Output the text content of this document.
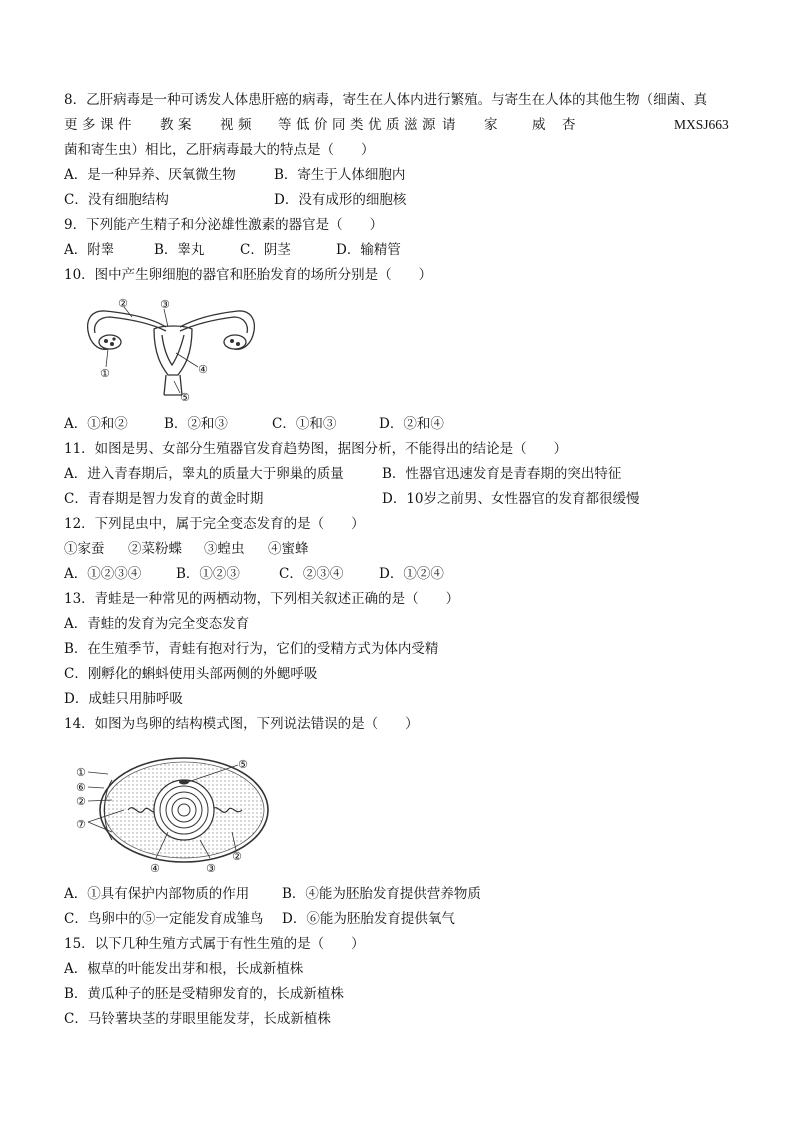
8．乙肝病毒是一种可诱发人体患肝癌的病毒，寄生在人体内进行繁殖。与寄生在人体的其他生物（细菌、真
更 多 课 件 教 案 视 频 等 低 价 同 类 优 质 滋 源 请 家	威 杏	MXSJ663
菌和寄生虫）相比，乙肝病毒最大的特点是（　　）
A．是一种异养、厌氧微生物	B．寄生于人体细胞内
C．没有细胞结构	D．没有成形的细胞核
9．下列能产生精子和分泌雄性激素的器官是（　　）
A．附睾	B．睾丸	C．阴茎	D．输精管
10．图中产生卵细胞的器官和胚胎发育的场所分别是（　　）
②	③
①	④
⑤
A．①和②	B．②和③	C．①和③	D．②和④
11．如图是男、女部分生殖器官发育趋势图，据图分析，不能得出的结论是（　　）
A．进入青春期后，睾丸的质量大于卵巢的质量	B．性器官迅速发育是青春期的突出特征
C．青春期是智力发育的黄金时期	D．10岁之前男、女性器官的发育都很缓慢
12．下列昆虫中，属于完全变态发育的是（　　）
①家蚕 ②菜粉蝶 ③蝗虫 ④蜜蜂
A．①②③④	B．①②③	C．②③④	D．①②④
13．青蛙是一种常见的两栖动物，下列相关叙述正确的是（　　）
A．青蛙的发育为完全变态发育
B．在生殖季节，青蛙有抱对行为，它们的受精方式为体内受精
C．刚孵化的蝌蚪使用头部两侧的外鳃呼吸
D．成蛙只用肺呼吸
14．如图为鸟卵的结构模式图，下列说法错误的是（　　）
①
⑥
②
⑦
⑤
④	③
②
A．①具有保护内部物质的作用 B．④能为胚胎发育提供营养物质
C．鸟卵中的⑤一定能发育成雏鸟 D．⑥能为胚胎发育提供氧气
15．以下几种生殖方式属于有性生殖的是（　　）
A．椒草的叶能发出芽和根，长成新植株
B．黄瓜种子的胚是受精卵发育的，长成新植株
C．马铃薯块茎的芽眼里能发芽，长成新植株
